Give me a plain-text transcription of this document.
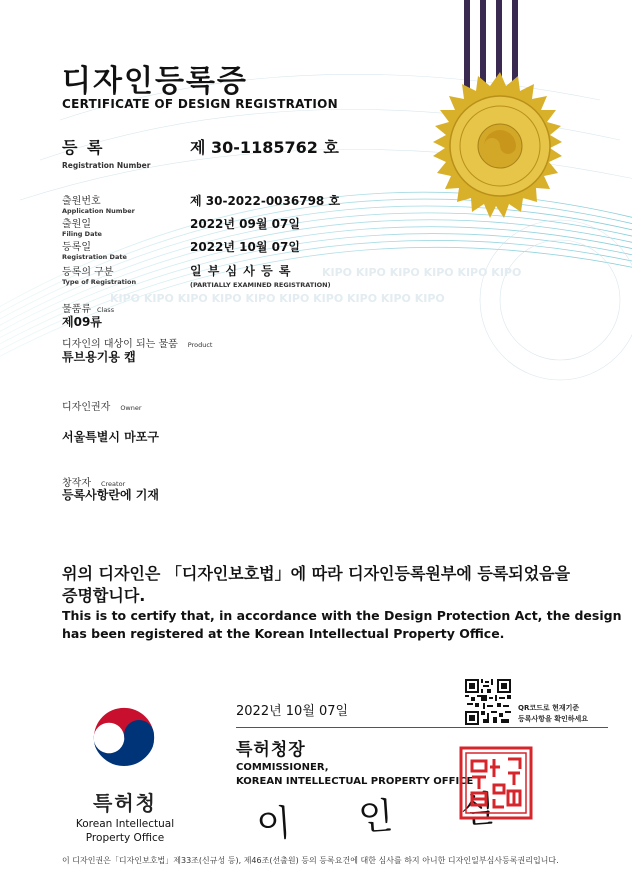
KIPO KIPO KIPO KIPO KIPO KIPO
KIPO KIPO KIPO KIPO KIPO KIPO KIPO KIPO KIPO KIPO
디자인등록증
CERTIFICATE OF DESIGN REGISTRATION
등 록
Registration Number
제 30-1185762 호
출원번호
Application Number
제 30-2022-0036798 호
출원일
Filing Date
2022년 09월 07일
등록일
Registration Date
2022년 10월 07일
등록의 구분
Type of Registration
일 부 심 사 등 록
(PARTIALLY EXAMINED REGISTRATION)
물품류 Class
제09류
디자인의 대상이 되는 물품 Product
튜브용기용 캡
디자인권자 Owner
서울특별시 마포구
창작자 Creator
등록사항란에 기재
위의 디자인은 「디자인보호법」에 따라 디자인등록원부에 등록되었음을
증명합니다.
This is to certify that, in accordance with the Design Protection Act, the design has been registered at the Korean Intellectual Property Office.
2022년 10월 07일	QR코드로 현재기준
등록사항을 확인하세요
특허청장
COMMISSIONER,
KOREAN INTELLECTUAL PROPERTY OFFICE
이 인 실
특허청
Korean Intellectual
Property Office
이 디자인권은「디자인보호법」제33조(신규성 등), 제46조(선출원) 등의 등록요건에 대한 심사를 하지 아니한 디자인일부심사등록권리입니다.
